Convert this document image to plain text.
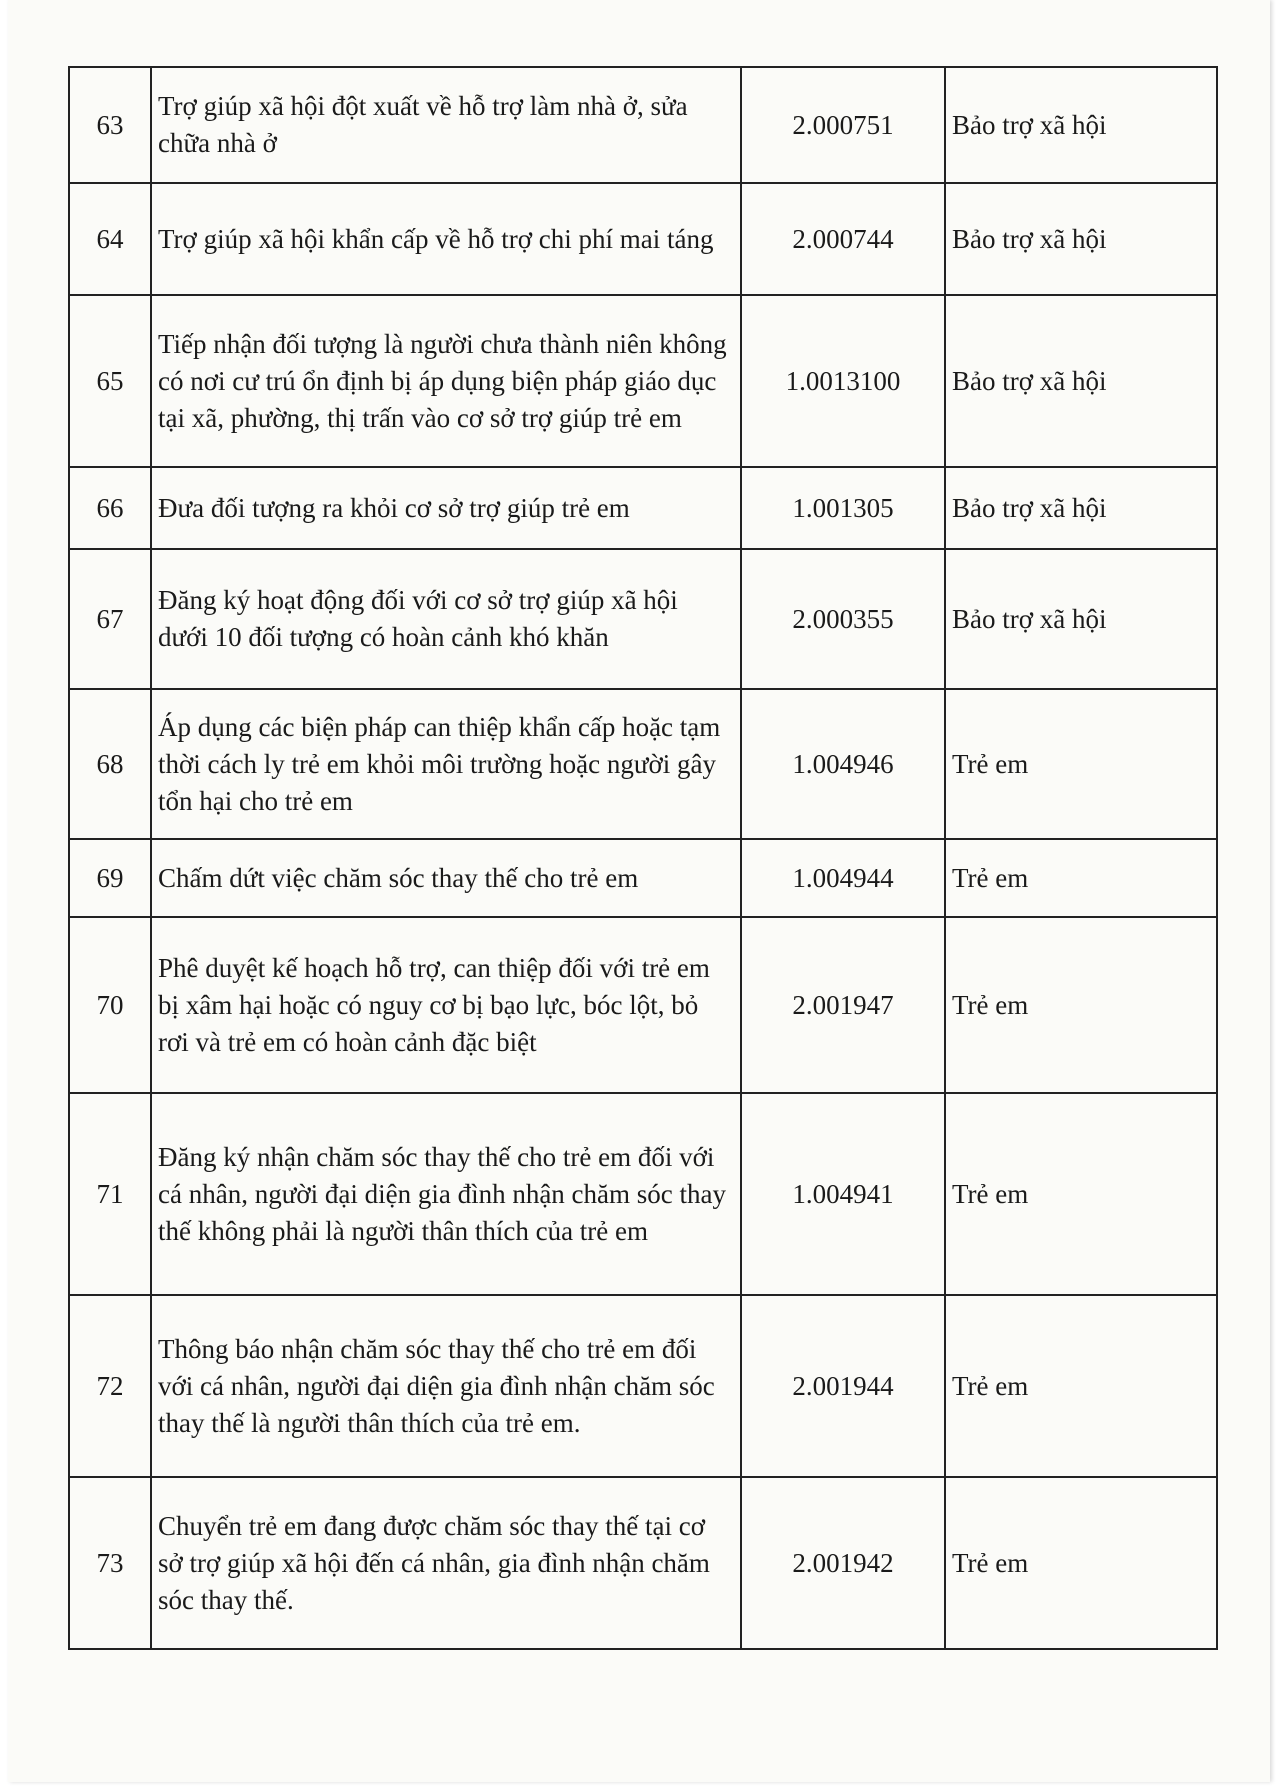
63	Trợ giúp xã hội đột xuất về hỗ trợ làm nhà ở, sửa chữa nhà ở	2.000751	Bảo trợ xã hội
64	Trợ giúp xã hội khẩn cấp về hỗ trợ chi phí mai táng	2.000744	Bảo trợ xã hội
65	Tiếp nhận đối tượng là người chưa thành niên không có nơi cư trú ổn định bị áp dụng biện pháp giáo dục tại xã, phường, thị trấn vào cơ sở trợ giúp trẻ em	1.0013100	Bảo trợ xã hội
66	Đưa đối tượng ra khỏi cơ sở trợ giúp trẻ em	1.001305	Bảo trợ xã hội
67	Đăng ký hoạt động đối với cơ sở trợ giúp xã hội dưới 10 đối tượng có hoàn cảnh khó khăn	2.000355	Bảo trợ xã hội
68	Áp dụng các biện pháp can thiệp khẩn cấp hoặc tạm thời cách ly trẻ em khỏi môi trường hoặc người gây tổn hại cho trẻ em	1.004946	Trẻ em
69	Chấm dứt việc chăm sóc thay thế cho trẻ em	1.004944	Trẻ em
70	Phê duyệt kế hoạch hỗ trợ, can thiệp đối với trẻ em bị xâm hại hoặc có nguy cơ bị bạo lực, bóc lột, bỏ rơi và trẻ em có hoàn cảnh đặc biệt	2.001947	Trẻ em
71	Đăng ký nhận chăm sóc thay thế cho trẻ em đối với cá nhân, người đại diện gia đình nhận chăm sóc thay thế không phải là người thân thích của trẻ em	1.004941	Trẻ em
72	Thông báo nhận chăm sóc thay thế cho trẻ em đối với cá nhân, người đại diện gia đình nhận chăm sóc thay thế là người thân thích của trẻ em.	2.001944	Trẻ em
73	Chuyển trẻ em đang được chăm sóc thay thế tại cơ sở trợ giúp xã hội đến cá nhân, gia đình nhận chăm sóc thay thế.	2.001942	Trẻ em
